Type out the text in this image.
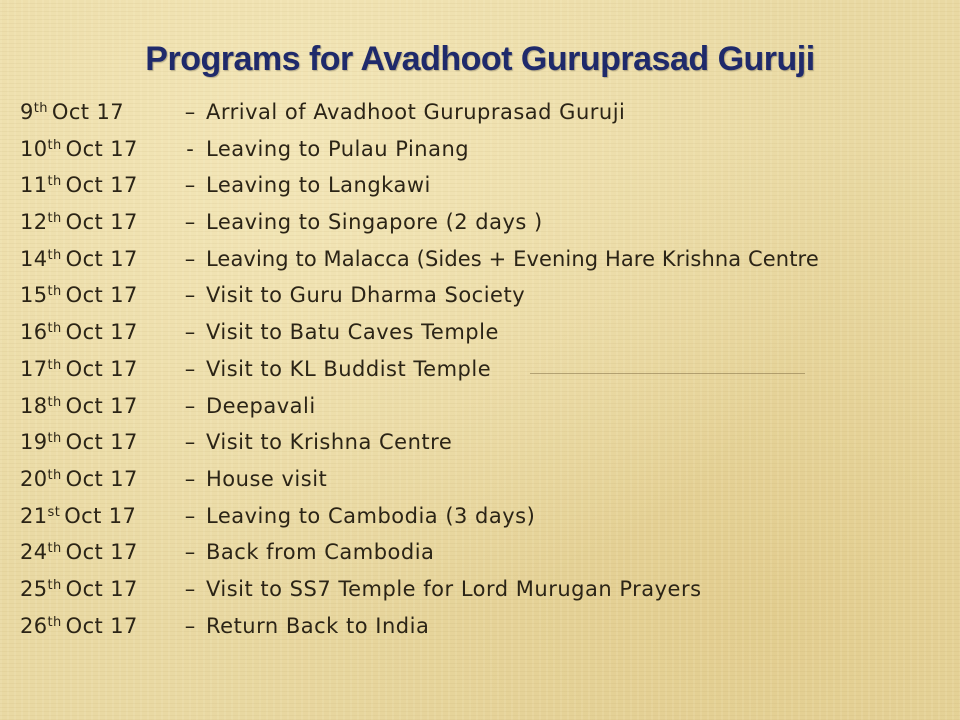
Programs for Avadhoot Guruprasad Guruji
9th Oct 17	– Arrival of Avadhoot Guruprasad Guruji
10th Oct 17 - Leaving to Pulau Pinang
11th Oct 17 – Leaving to Langkawi
12th Oct 17 – Leaving to Singapore (2 days )
14th Oct 17 – Leaving to Malacca (Sides + Evening Hare Krishna Centre
15th Oct 17 – Visit to Guru Dharma Society
16th Oct 17 – Visit to Batu Caves Temple
17th Oct 17 – Visit to KL Buddist Temple
18th Oct 17 – Deepavali
19th Oct 17 – Visit to Krishna Centre
20th Oct 17 – House visit
21st Oct 17 – Leaving to Cambodia (3 days)
24th Oct 17 – Back from Cambodia
25th Oct 17 – Visit to SS7 Temple for Lord Murugan Prayers
26th Oct 17 – Return Back to India
